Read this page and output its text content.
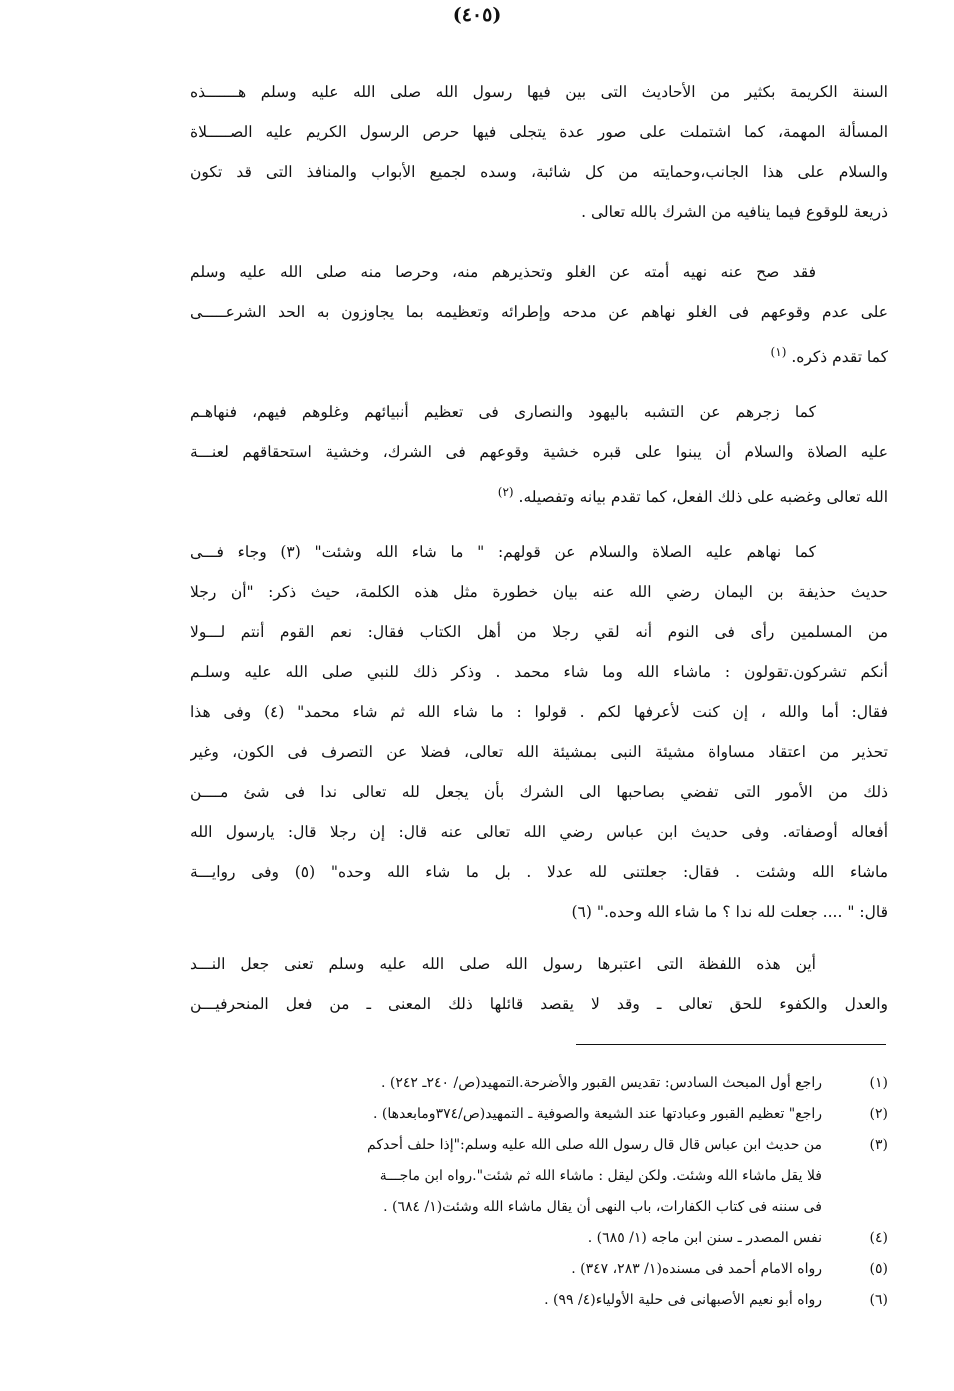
(٤٠٥)
السنة الكريمة بكثير من الأحاديث التى بين فيها رسول الله صلى الله عليه وسلم هـــــــذه
المسألة المهمة، كما اشتملت على صور عدة يتجلى فيها حرص الرسول الكريم عليه الصـــــلاة
والسلام على هذا الجانب،وحمايته من كل شائبة، وسده لجميع الأبواب والمنافذ التى قد تكون
ذريعة للوقوع فيما ينافيه من الشرك بالله تعالى .
فقد صح عنه نهيه أمته عن الغلو وتحذيرهم منه، وحرصا منه صلى الله عليه وسلم
على عدم وقوعهم فى الغلو نهاهم عن مدحه وإطرائه وتعظيمه بما يجاوزون به الحد الشرعـــــى
كما تقدم ذكره. $^{(١)}$
كما زجرهم عن التشبه باليهود والنصارى فى تعظيم أنبيائهم وغلوهم فيهم، فنهاهـم
عليه الصلاة والسلام أن يبنوا على قبره خشية وقوعهم فى الشرك، وخشية استحقاقهم لعنـــة
الله تعالى وغضبه على ذلك الفعل، كما تقدم بيانه وتفصيله. $^{(٢)}$
كما نهاهم عليه الصلاة والسلام عن قولهم: " ما شاء الله وشئت" (٣) وجاء فـــى
حديث حذيفة بن اليمان رضي الله عنه بيان خطورة مثل هذه الكلمة، حيث ذكر: "أن رجلا
من المسلمين رأى فى النوم أنه لقي رجلا من أهل الكتاب فقال: نعم القوم أنتم لـــولا
أنكم تشركون.تقولون : ماشاء الله وما شاء محمد . وذكر ذلك للنبي صلى الله عليه وسلـم
فقال: أما والله ، إن كنت لأعرفها لكم . قولوا : ما شاء الله ثم شاء محمد" (٤) وفى هذا
تحذير من اعتقاد مساواة مشيئة النبى بمشيئة الله تعالى، فضلا عن التصرف فى الكون، وغير
ذلك من الأمور التى تفضي بصاحبها الى الشرك بأن يجعل لله تعالى ندا فى شئ مــــن
أفعاله أوصفاته. وفى حديث ابن عباس رضي الله تعالى عنه قال: إن رجلا قال: يارسول الله
ماشاء الله وشئت . فقال: جعلتنى لله عدلا . بل ما شاء الله وحده" (٥) وفى روايـــة
قال: " .... جعلت لله ندا ؟ ما شاء الله وحده." (٦)
أين هذه اللفظة التى اعتبرها رسول الله صلى الله عليه وسلم تعنى جعل النـــد
والعدل والكفوء للحق تعالى ـ وقد لا يقصد قائلها ذلك المعنى ـ من فعل المنحرفيـــن
(١)
راجع أول المبحث السادس: تقديس القبور والأضرحة.التمهيد(ص/ ٢٤٠ـ ٢٤٢) .
(٢)
راجع" تعظيم القبور وعبادتها عند الشيعة والصوفية ـ التمهيد(ص/٣٧٤ومابعدها) .
(٣)
من حديث ابن عباس قال قال رسول الله صلى الله عليه وسلم:"إذا حلف أحدكم
فلا يقل ماشاء الله وشئت. ولكن ليقل : ماشاء الله ثم شئت".رواه ابن ماجـــة
فى سننه فى كتاب الكفارات، باب النهى أن يقال ماشاء الله وشئت(١/ ٦٨٤) .
(٤)
نفس المصدر ـ سنن ابن ماجه (١/ ٦٨٥) .
(٥)
رواه الامام أحمد فى مسنده(١/ ٢٨٣، ٣٤٧) .
(٦)
رواه أبو نعيم الأصبهانى فى حلية الأولياء(٤/ ٩٩) .
